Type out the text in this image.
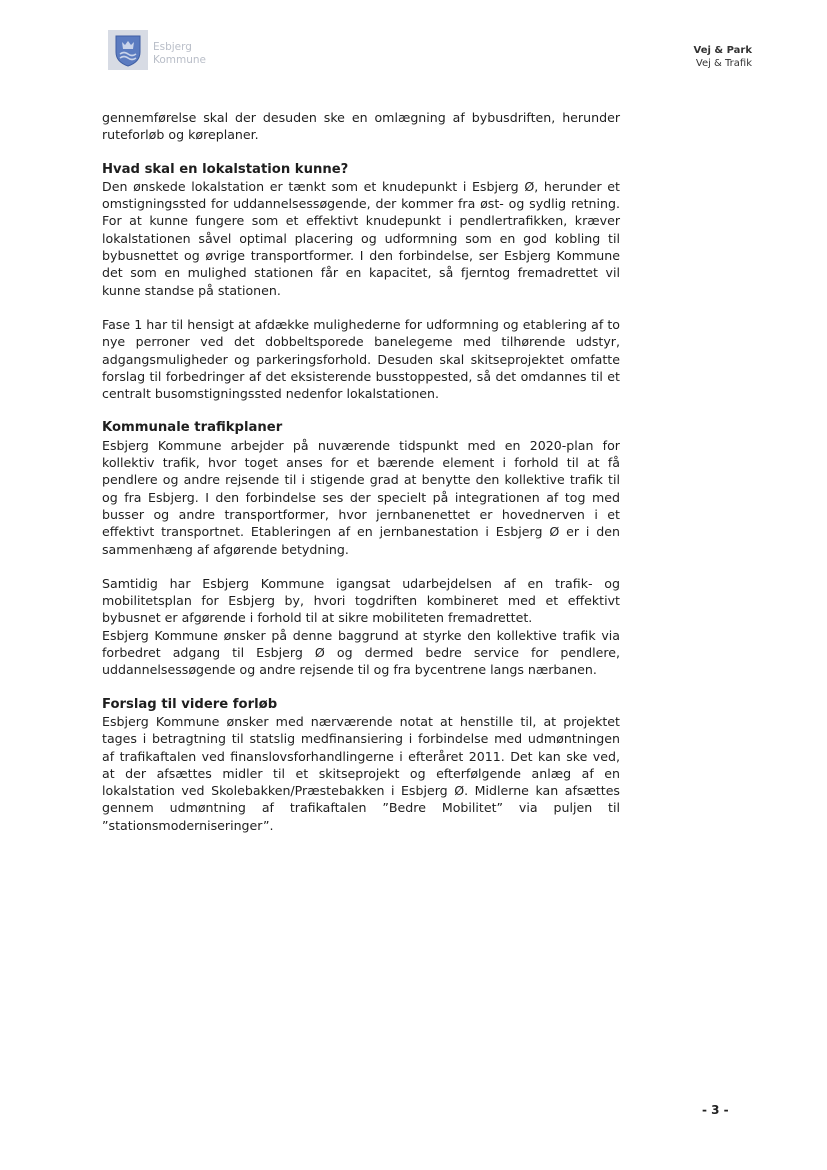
Esbjerg
Kommune
Vej & Park
Vej & Trafik

gennemførelse skal der desuden ske en omlægning af bybusdriften, herunder ruteforløb og køreplaner.

Hvad skal en lokalstation kunne?

Den ønskede lokalstation er tænkt som et knudepunkt i Esbjerg Ø, herunder et omstigningssted for uddannelsessøgende, der kommer fra øst- og sydlig retning. For at kunne fungere som et effektivt knudepunkt i pendlertrafikken, kræver lokalstationen såvel optimal placering og udformning som en god kobling til bybusnettet og øvrige transportformer. I den forbindelse, ser Esbjerg Kommune det som en mulighed stationen får en kapacitet, så fjerntog fremadrettet vil kunne standse på stationen.

Fase 1 har til hensigt at afdække mulighederne for udformning og etablering af to nye perroner ved det dobbeltsporede banelegeme med tilhørende udstyr, adgangsmuligheder og parkeringsforhold. Desuden skal skitseprojektet omfatte forslag til forbedringer af det eksisterende busstoppested, så det omdannes til et centralt busomstigningssted nedenfor lokalstationen.

Kommunale trafikplaner

Esbjerg Kommune arbejder på nuværende tidspunkt med en 2020-plan for kollektiv trafik, hvor toget anses for et bærende element i forhold til at få pendlere og andre rejsende til i stigende grad at benytte den kollektive trafik til og fra Esbjerg. I den forbindelse ses der specielt på integrationen af tog med busser og andre transportformer, hvor jernbanenettet er hovednerven i et effektivt transportnet. Etableringen af en jernbanestation i Esbjerg Ø er i den sammenhæng af afgørende betydning.

Samtidig har Esbjerg Kommune igangsat udarbejdelsen af en trafik- og mobilitetsplan for Esbjerg by, hvori togdriften kombineret med et effektivt bybusnet er afgørende i forhold til at sikre mobiliteten fremadrettet.

Esbjerg Kommune ønsker på denne baggrund at styrke den kollektive trafik via forbedret adgang til Esbjerg Ø og dermed bedre service for pendlere, uddannelsessøgende og andre rejsende til og fra bycentrene langs nærbanen.

Forslag til videre forløb

Esbjerg Kommune ønsker med nærværende notat at henstille til, at projektet tages i betragtning til statslig medfinansiering i forbindelse med udmøntningen af trafikaftalen ved finanslovsforhandlingerne i efteråret 2011. Det kan ske ved, at der afsættes midler til et skitseprojekt og efterfølgende anlæg af en lokalstation ved Skolebakken/Præstebakken i Esbjerg Ø. Midlerne kan afsættes gennem udmøntning af trafikaftalen ”Bedre Mobilitet” via puljen til ”stationsmoderniseringer”.

- 3 -
